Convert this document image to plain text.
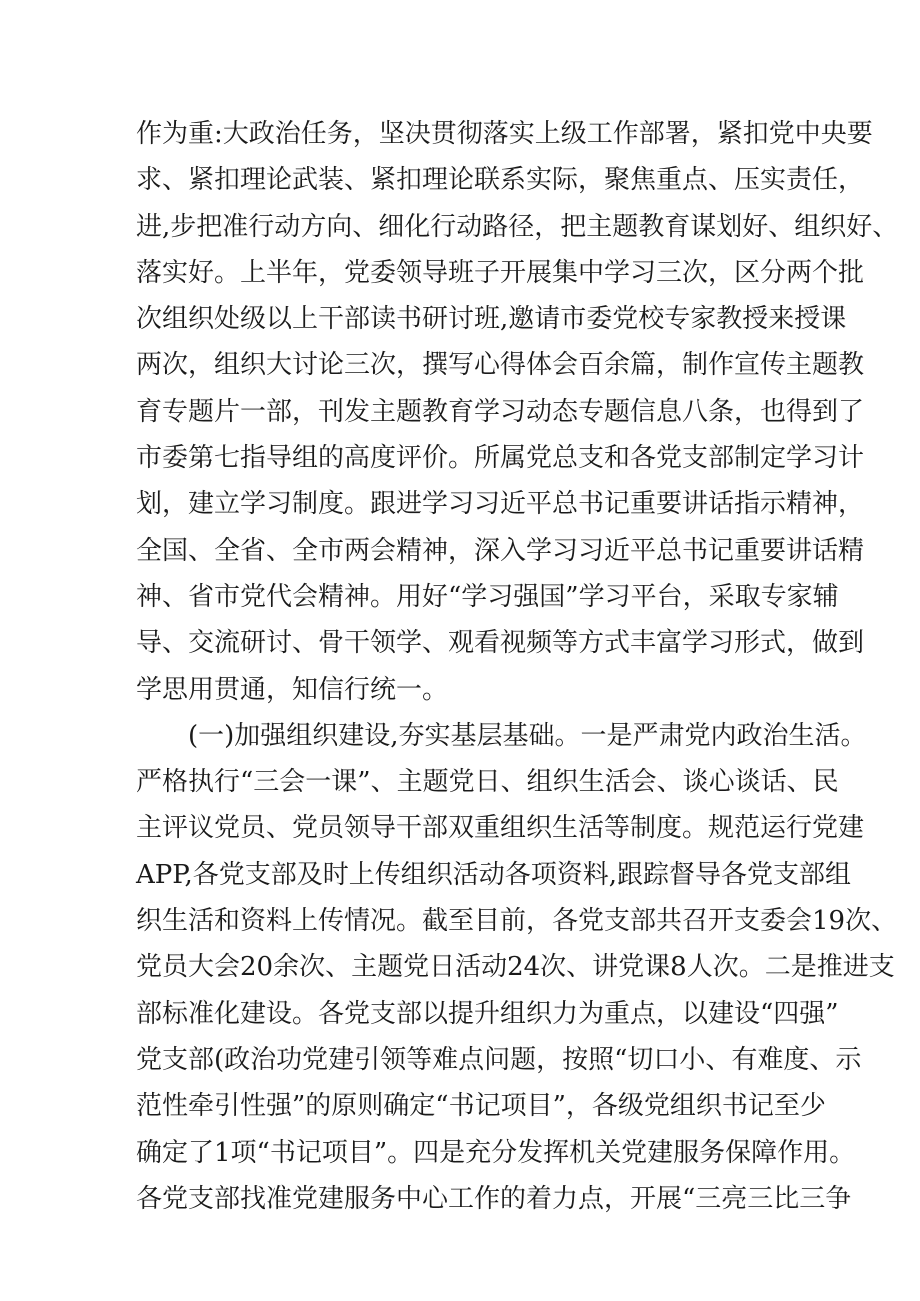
作为重:大政治任务，坚决贯彻落实上级工作部署，紧扣党中央要
求、紧扣理论武装、紧扣理论联系实际，聚焦重点、压实责任，
进,步把准行动方向、细化行动路径，把主题教育谋划好、组织好、
落实好。上半年，党委领导班子开展集中学习三次，区分两个批
次组织处级以上干部读书研讨班,邀请市委党校专家教授来授课
两次，组织大讨论三次，撰写心得体会百余篇，制作宣传主题教
育专题片一部，刊发主题教育学习动态专题信息八条，也得到了
市委第七指导组的高度评价。所属党总支和各党支部制定学习计
划，建立学习制度。跟进学习习近平总书记重要讲话指示精神，
全国、全省、全市两会精神，深入学习习近平总书记重要讲话精
神、省市党代会精神。用好“学习强国”学习平台，采取专家辅
导、交流研讨、骨干领学、观看视频等方式丰富学习形式，做到
学思用贯通，知信行统一。
(一)加强组织建设,夯实基层基础。一是严肃党内政治生活。
严格执行“三会一课”、主题党日、组织生活会、谈心谈话、民
主评议党员、党员领导干部双重组织生活等制度。规范运行党建
APP,各党支部及时上传组织活动各项资料,跟踪督导各党支部组
织生活和资料上传情况。截至目前，各党支部共召开支委会19次、
党员大会20余次、主题党日活动24次、讲党课8人次。二是推进支
部标准化建设。各党支部以提升组织力为重点，以建设“四强”
党支部(政治功党建引领等难点问题，按照“切口小、有难度、示
范性牵引性强”的原则确定“书记项目”，各级党组织书记至少
确定了1项“书记项目”。四是充分发挥机关党建服务保障作用。
各党支部找准党建服务中心工作的着力点，开展“三亮三比三争
